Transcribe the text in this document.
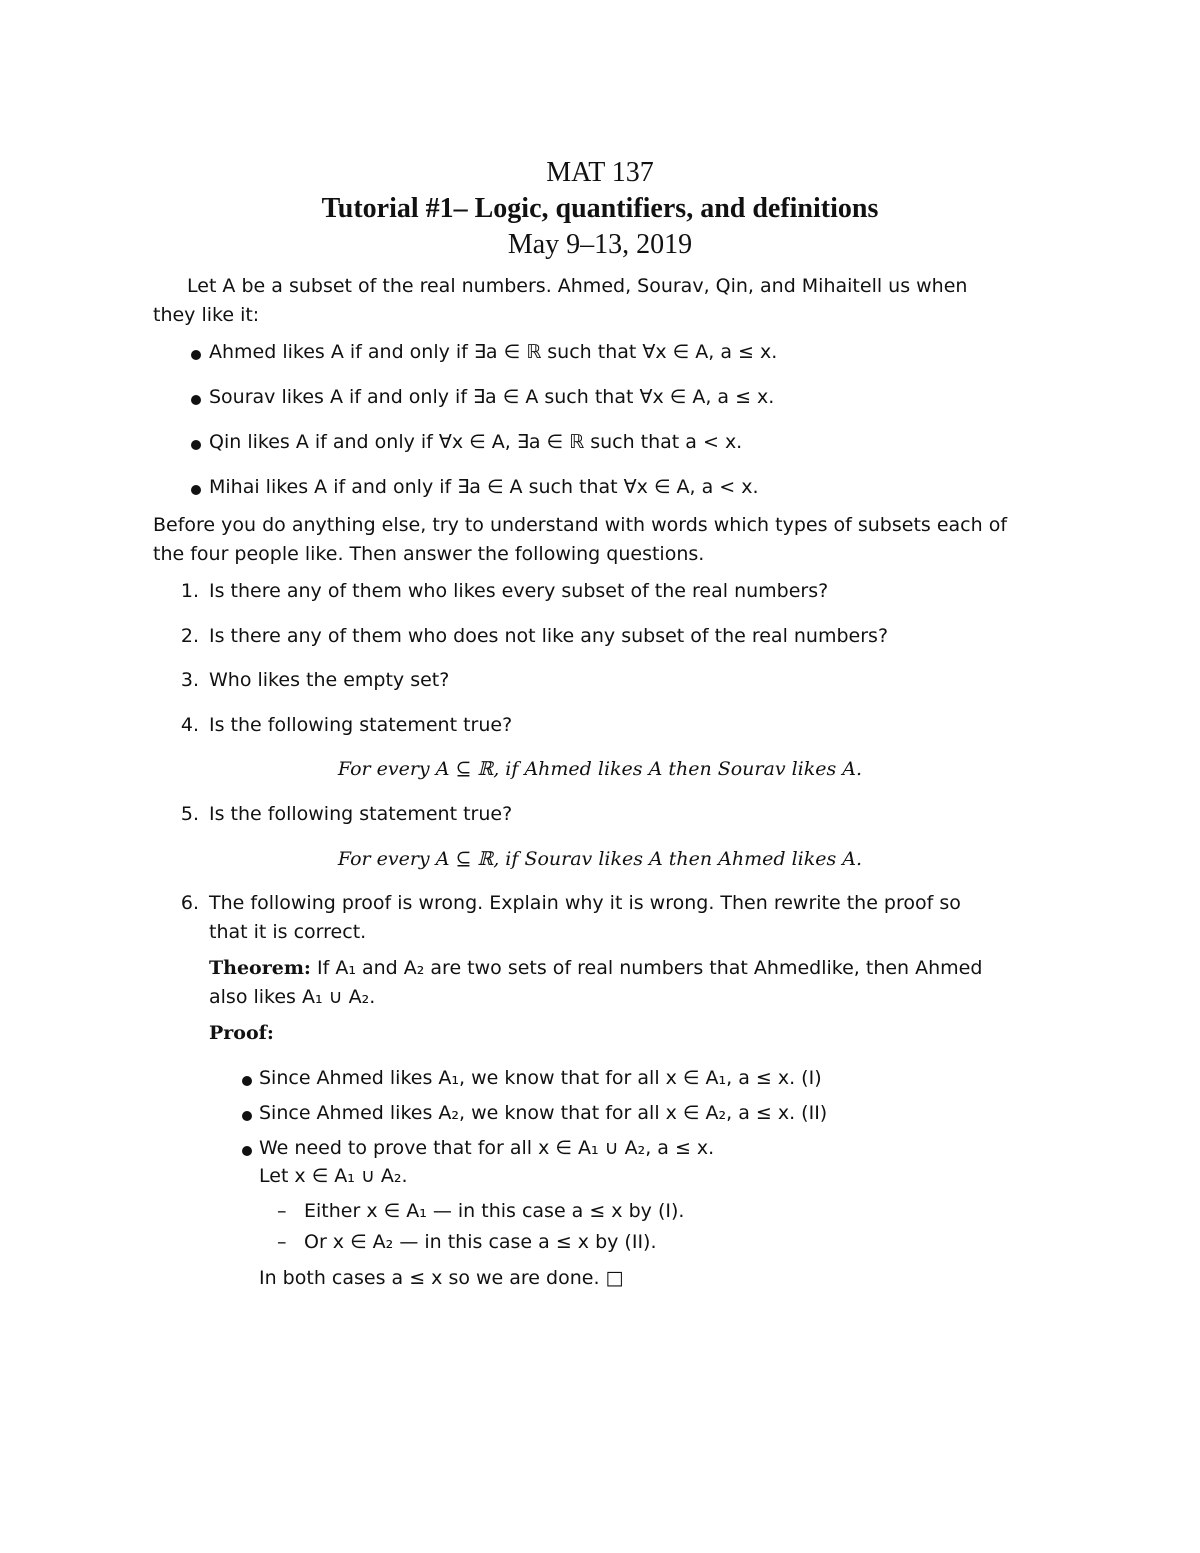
MAT 137
Tutorial #1– Logic, quantifiers, and definitions
May 9–13, 2019
Let A be a subset of the real numbers. Ahmed, Sourav, Qin, and Mihaitell us when
they like it:
Ahmed likes A if and only if ∃a ∈ ℝ such that ∀x ∈ A, a ≤ x.
Sourav likes A if and only if ∃a ∈ A such that ∀x ∈ A, a ≤ x.
Qin likes A if and only if ∀x ∈ A, ∃a ∈ ℝ such that a < x.
Mihai likes A if and only if ∃a ∈ A such that ∀x ∈ A, a < x.
Before you do anything else, try to understand with words which types of subsets each of
the four people like. Then answer the following questions.
1. Is there any of them who likes every subset of the real numbers?
2. Is there any of them who does not like any subset of the real numbers?
3. Who likes the empty set?
4. Is the following statement true?
For every A ⊆ ℝ, if Ahmed likes A then Sourav likes A.
5. Is the following statement true?
For every A ⊆ ℝ, if Sourav likes A then Ahmed likes A.
6. The following proof is wrong. Explain why it is wrong. Then rewrite the proof so
that it is correct.
Theorem: If A₁ and A₂ are two sets of real numbers that Ahmedlike, then Ahmed
also likes A₁ ∪ A₂.
Proof:
Since Ahmed likes A₁, we know that for all x ∈ A₁, a ≤ x. (I)
Since Ahmed likes A₂, we know that for all x ∈ A₂, a ≤ x. (II)
We need to prove that for all x ∈ A₁ ∪ A₂, a ≤ x.
Let x ∈ A₁ ∪ A₂.
– Either x ∈ A₁ — in this case a ≤ x by (I).
– Or x ∈ A₂ — in this case a ≤ x by (II).
In both cases a ≤ x so we are done. □
